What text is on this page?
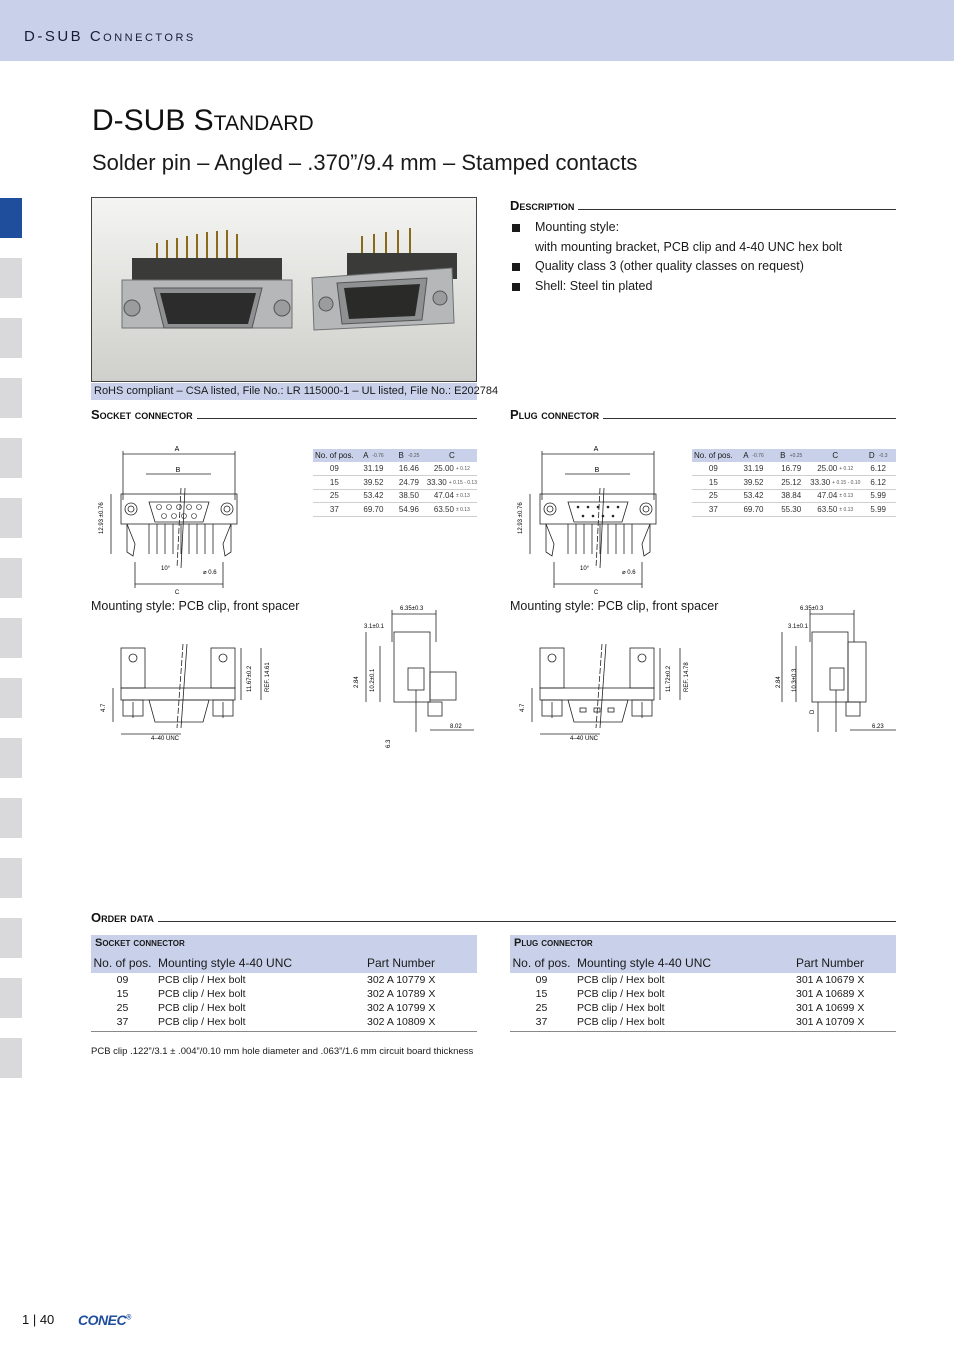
D-SUB Connectors
D-SUB Standard
Solder pin – Angled – .370”/9.4 mm – Stamped contacts
RoHS compliant – CSA listed, File No.: LR 115000-1 – UL listed, File No.: E202784
Description
Mounting style:
with mounting bracket, PCB clip and 4-40 UNC hex bolt
Quality class 3 (other quality classes on request)
Shell: Steel tin plated
Socket connector
A
B
C
10°
⌀ 0.6
12.93 ±0.76
No. of pos.	A -0.76	B -0.25	C
09	31.19	16.46	25.00 + 0.12
15	39.52	24.79	33.30 + 0.15 - 0.13
25	53.42	38.50	47.04 ± 0.13
37	69.70	54.96	63.50 ± 0.13
Mounting style: PCB clip, front spacer
4–40 UNC
11.67±0.2 REF. 14.61
4.7
6.35±0.3
3.1±0.1
2.84 10.2±0.1
8.02
6.3
Plug connector
A
B
C
10°
⌀ 0.6
12.93 ±0.76
No. of pos.	A -0.76	B +0.25	C	D -0.3
09	31.19	16.79	25.00 + 0.12	6.12
15	39.52	25.12	33.30 + 0.15 - 0.10	6.12
25	53.42	38.84	47.04 ± 0.13	5.99
37	69.70	55.30	63.50 ± 0.13	5.99
Mounting style: PCB clip, front spacer
4–40 UNC
11.72±0.2 REF. 14.78
4.7
6.35±0.3
3.1±0.1
2.84 10.3±0.3
D
6.23
Order data
Socket connector
No. of pos. Mounting style 4-40 UNC	Part Number
09	PCB clip / Hex bolt	302 A 10779 X
15	PCB clip / Hex bolt	302 A 10789 X
25	PCB clip / Hex bolt	302 A 10799 X
37	PCB clip / Hex bolt	302 A 10809 X
Plug connector
No. of pos. Mounting style 4-40 UNC	Part Number
09	PCB clip / Hex bolt	301 A 10679 X
15	PCB clip / Hex bolt	301 A 10689 X
25	PCB clip / Hex bolt	301 A 10699 X
37	PCB clip / Hex bolt	301 A 10709 X
PCB clip .122”/3.1 ± .004”/0.10 mm hole diameter and .063”/1.6 mm circuit board thickness
1 | 40 CONEC®
